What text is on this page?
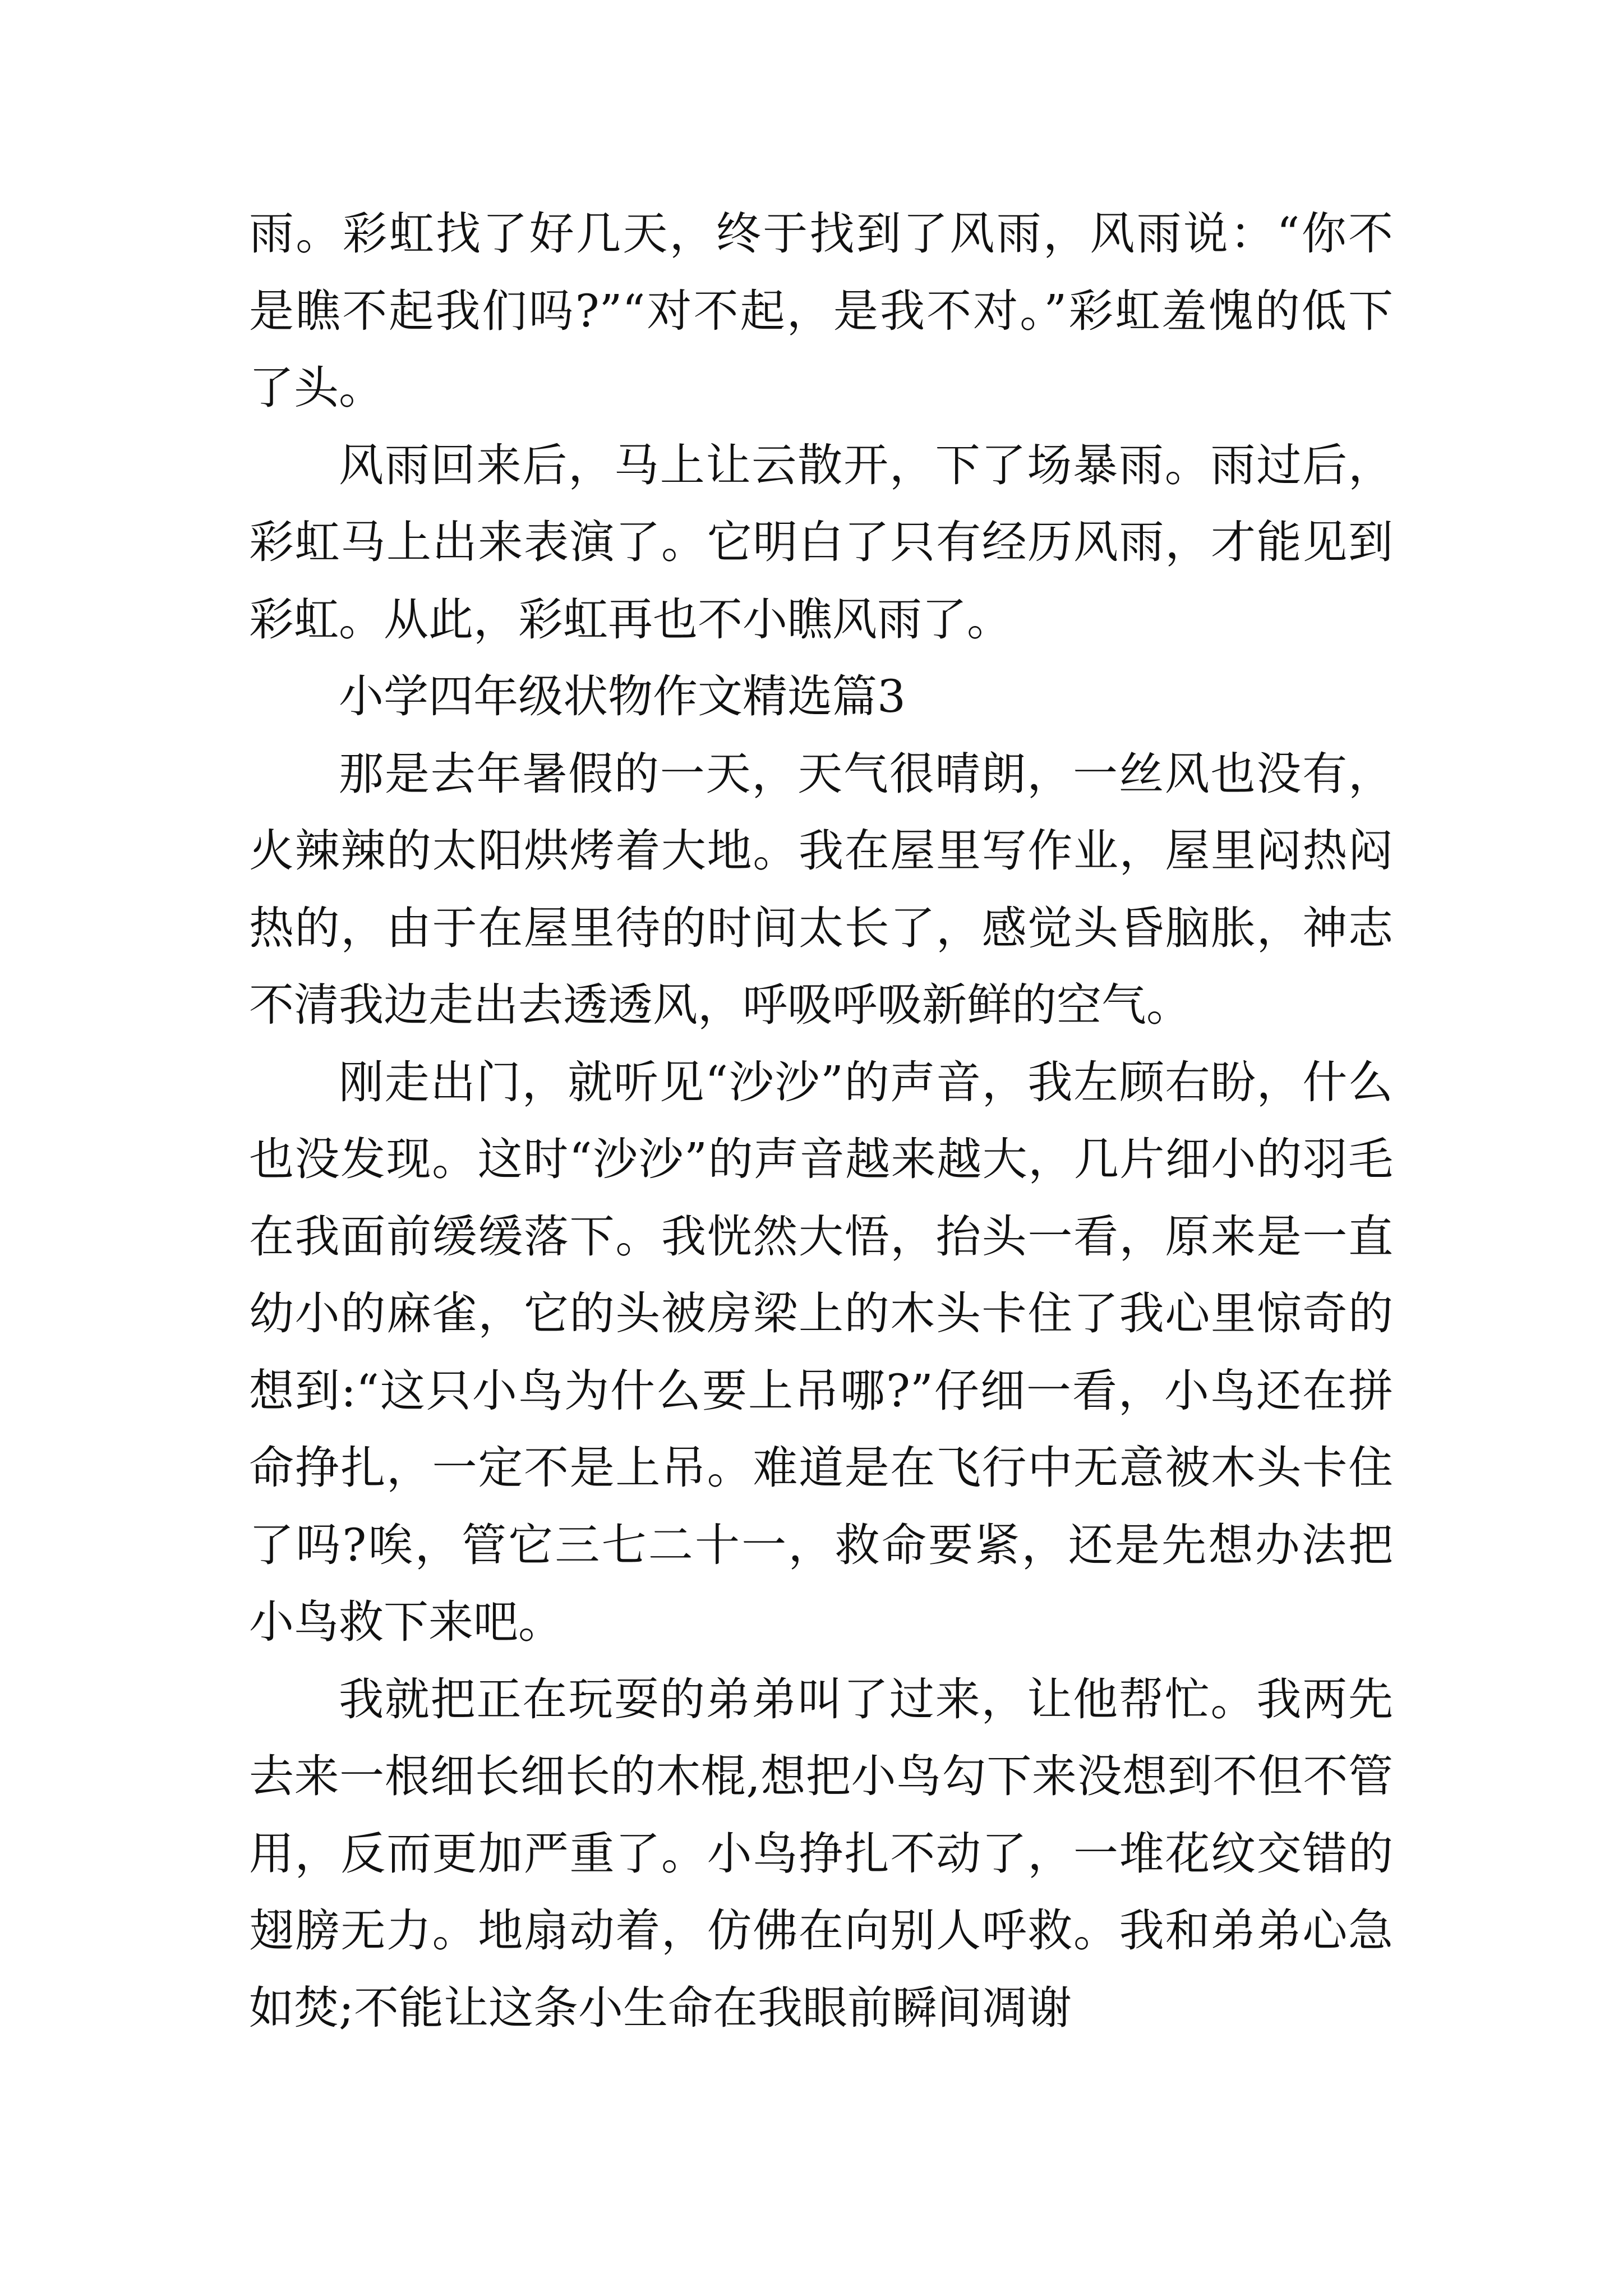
雨。彩虹找了好几天，终于找到了风雨，风雨说：“你不是瞧不起我们吗?”“对不起，是我不对。”彩虹羞愧的低下了头。

风雨回来后，马上让云散开，下了场暴雨。雨过后，彩虹马上出来表演了。它明白了只有经历风雨，才能见到彩虹。从此，彩虹再也不小瞧风雨了。

小学四年级状物作文精选篇3

那是去年暑假的一天，天气很晴朗，一丝风也没有，火辣辣的太阳烘烤着大地。我在屋里写作业，屋里闷热闷热的，由于在屋里待的时间太长了，感觉头昏脑胀，神志不清我边走出去透透风，呼吸呼吸新鲜的空气。

刚走出门，就听见“沙沙”的声音，我左顾右盼，什么也没发现。这时“沙沙”的声音越来越大，几片细小的羽毛在我面前缓缓落下。我恍然大悟，抬头一看，原来是一直幼小的麻雀，它的头被房梁上的木头卡住了我心里惊奇的想到:“这只小鸟为什么要上吊哪?”仔细一看，小鸟还在拼命挣扎，一定不是上吊。难道是在飞行中无意被木头卡住了吗?唉，管它三七二十一，救命要紧，还是先想办法把小鸟救下来吧。

我就把正在玩耍的弟弟叫了过来，让他帮忙。我两先去来一根细长细长的木棍,想把小鸟勾下来没想到不但不管用，反而更加严重了。小鸟挣扎不动了，一堆花纹交错的翅膀无力。地扇动着，仿佛在向别人呼救。我和弟弟心急如焚;不能让这条小生命在我眼前瞬间凋谢
